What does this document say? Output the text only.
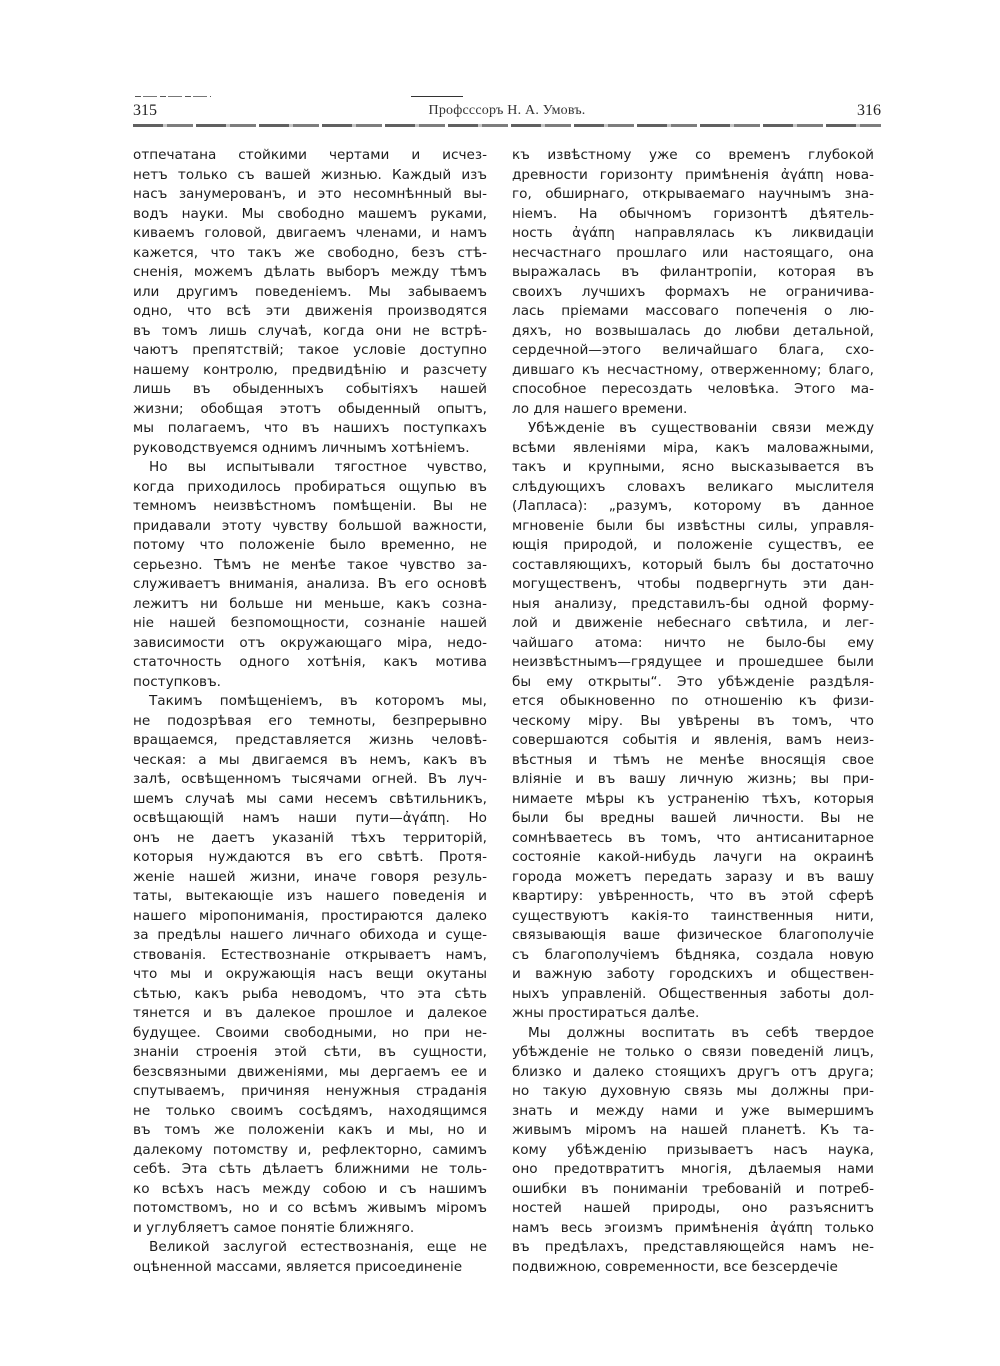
315	Профсссоръ Н. А. Умовъ.	316
отпечатана стойкими чертами и исчез-
нетъ только съ вашей жизнью. Каждый изъ
насъ занумерованъ, и это несомнѣнный вы-
водъ науки. Мы свободно машемъ руками,
киваемъ головой, двигаемъ членами, и намъ
кажется, что такъ же свободно, безъ стѣ-
сненія, можемъ дѣлать выборъ между тѣмъ
или другимъ поведеніемъ. Мы забываемъ
одно, что всѣ эти движенія производятся
въ томъ лишь случаѣ, когда они не встрѣ-
чаютъ препятствій; такое условіе доступно
нашему контролю, предвидѣнію и разсчету
лишь въ обыденныхъ событіяхъ нашей
жизни; обобщая этотъ обыденный опытъ,
мы полагаемъ, что въ нашихъ поступкахъ
руководствуемся однимъ личнымъ хотѣніемъ.
Но вы испытывали тягостное чувство,
когда приходилось пробираться ощупью въ
темномъ неизвѣстномъ помѣщеніи. Вы не
придавали этоту чувству большой важности,
потому что положеніе было временно, не
серьезно. Тѣмъ не менѣе такое чувство за-
служиваетъ вниманія, анализа. Въ его основѣ
лежитъ ни больше ни меньше, какъ созна-
ніе нашей безпомощности, сознаніе нашей
зависимости отъ окружающаго міра, недо-
статочность одного хотѣнія, какъ мотива
поступковъ.
Такимъ помѣщеніемъ, въ которомъ мы,
не подозрѣвая его темноты, безпрерывно
вращаемся, представляется жизнь человѣ-
ческая: а мы двигаемся въ немъ, какъ въ
залѣ, освѣщенномъ тысячами огней. Въ луч-
шемъ случаѣ мы сами несемъ свѣтильникъ,
освѣщающій намъ наши пути—ἀγάπη. Но
онъ не даетъ указаній тѣхъ территорій,
которыя нуждаются въ его свѣтѣ. Протя-
женіе нашей жизни, иначе говоря резуль-
таты, вытекающіе изъ нашего поведенія и
нашего міропониманія, простираются далеко
за предѣлы нашего личнаго обихода и суще-
ствованія. Естествознаніе открываетъ намъ,
что мы и окружающія насъ вещи окутаны
сѣтью, какъ рыба неводомъ, что эта сѣть
тянется и въ далекое прошлое и далекое
будущее. Своими свободными, но при не-
знаніи строенія этой сѣти, въ сущности,
безсвязными движеніями, мы дергаемъ ее и
спутываемъ, причиняя ненужныя страданія
не только своимъ сосѣдямъ, находящимся
въ томъ же положеніи какъ и мы, но и
далекому потомству и, рефлекторно, самимъ
себѣ. Эта сѣть дѣлаетъ ближними не толь-
ко всѣхъ насъ между собою и съ нашимъ
потомствомъ, но и со всѣмъ живымъ міромъ
и углубляетъ самое понятіе ближняго.
Великой заслугой естествознанія, еще не
оцѣненной массами, является присоединеніе
къ извѣстному уже со временъ глубокой
древности горизонту примѣненія ἀγάπη нова-
го, обширнаго, открываемаго научнымъ зна-
ніемъ. На обычномъ горизонтѣ дѣятель-
ность ἀγάπη направлялась къ ликвидаціи
несчастнаго прошлаго или настоящаго, она
выражалась въ филантропіи, которая въ
своихъ лучшихъ формахъ не ограничива-
лась пріемами массоваго попеченія о лю-
дяхъ, но возвышалась до любви детальной,
сердечной—этого величайшаго блага, схо-
дившаго къ несчастному, отверженному; благо,
способное пересоздать человѣка. Этого ма-
ло для нашего времени.
Убѣжденіе въ существованіи связи между
всѣми явленіями міра, какъ маловажными,
такъ и крупными, ясно высказывается въ
слѣдующихъ словахъ великаго мыслителя
(Лапласа): „разумъ, которому въ данное
мгновеніе были бы извѣстны силы, управля-
ющія природой, и положеніе существъ, ее
составляющихъ, который былъ бы достаточно
могущественъ, чтобы подвергнуть эти дан-
ныя анализу, представилъ-бы одной форму-
лой и движеніе небеснаго свѣтила, и лег-
чайшаго атома: ничто не было-бы ему
неизвѣстнымъ—грядущее и прошедшее были
бы ему открыты“. Это убѣжденіе раздѣля-
ется обыкновенно по отношенію къ физи-
ческому міру. Вы увѣрены въ томъ, что
совершаются событія и явленія, вамъ неиз-
вѣстныя и тѣмъ не менѣе вносящія свое
вліяніе и въ вашу личную жизнь; вы при-
нимаете мѣры къ устраненію тѣхъ, которыя
были бы вредны вашей личности. Вы не
сомнѣваетесь въ томъ, что антисанитарное
состояніе какой-нибудь лачуги на окраинѣ
города можетъ передать заразу и въ вашу
квартиру: увѣренность, что въ этой сферѣ
существуютъ какія-то таинственныя нити,
связывающія ваше физическое благополучіе
съ благополучіемъ бѣдняка, создала новую
и важную заботу городскихъ и обществен-
ныхъ управленій. Общественныя заботы дол-
жны простираться далѣе.
Мы должны воспитать въ себѣ твердое
убѣжденіе не только о связи поведеній лицъ,
близко и далеко стоящихъ другъ отъ друга;
но такую духовную связь мы должны при-
знать и между нами и уже вымершимъ
живымъ міромъ на нашей планетѣ. Къ та-
кому убѣжденію призываетъ насъ наука,
оно предотвратитъ многія, дѣлаемыя нами
ошибки въ пониманіи требованій и потреб-
ностей нашей природы, оно разъяснитъ
намъ весь эгоизмъ примѣненія ἀγάπη только
въ предѣлахъ, представляющейся намъ не-
подвижною, современности, все безсердечіе
